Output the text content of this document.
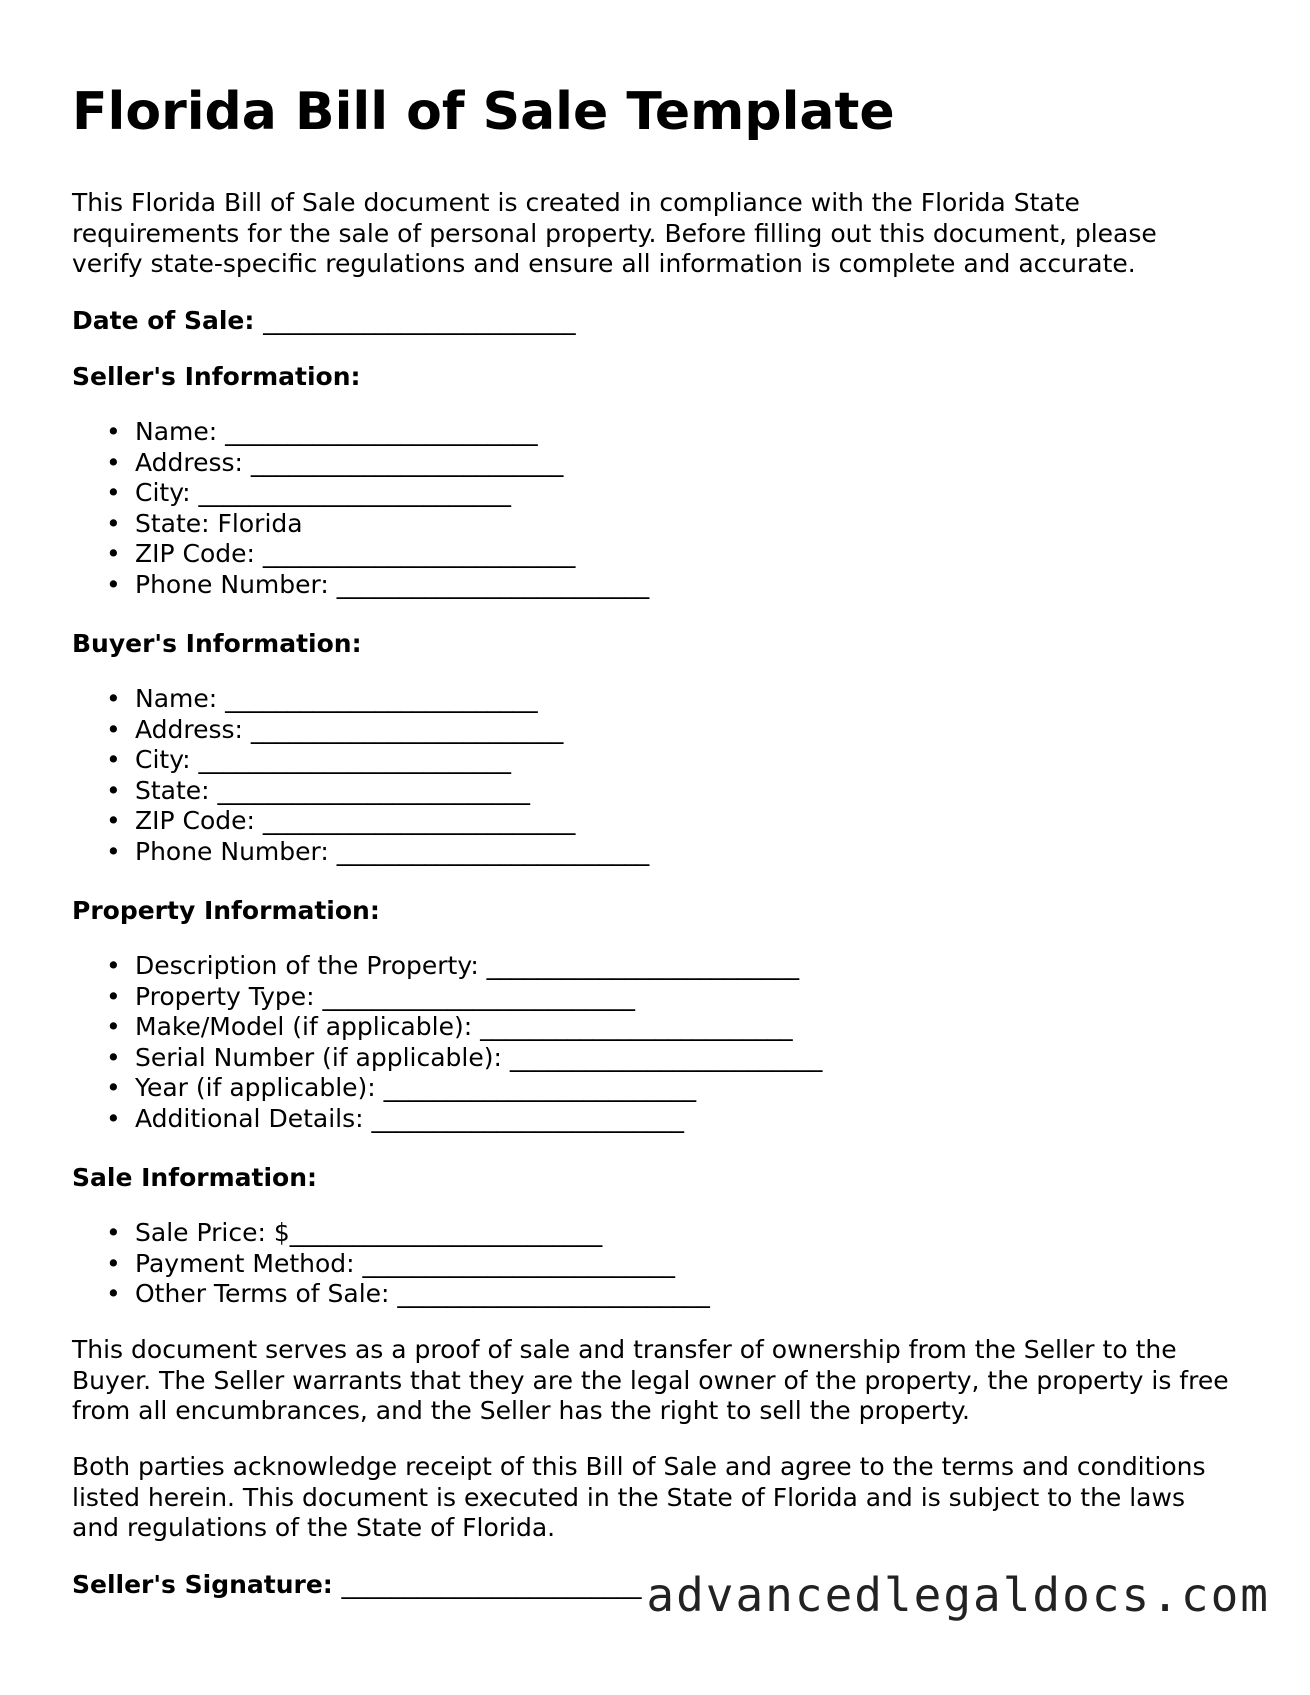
Florida Bill of Sale Template

This Florida Bill of Sale document is created in compliance with the Florida State requirements for the sale of personal property. Before filling out this document, please verify state-specific regulations and ensure all information is complete and accurate.

Date of Sale: _________________________

Seller's Information:

• Name: _________________________
• Address: _________________________
• City: _________________________
• State: Florida
• ZIP Code: _________________________
• Phone Number: _________________________

Buyer's Information:

• Name: _________________________
• Address: _________________________
• City: _________________________
• State: _________________________
• ZIP Code: _________________________
• Phone Number: _________________________

Property Information:

• Description of the Property: _________________________
• Property Type: _________________________
• Make/Model (if applicable): _________________________
• Serial Number (if applicable): _________________________
• Year (if applicable): _________________________
• Additional Details: _________________________

Sale Information:

• Sale Price: $_________________________
• Payment Method: _________________________
• Other Terms of Sale: _________________________

This document serves as a proof of sale and transfer of ownership from the Seller to the Buyer. The Seller warrants that they are the legal owner of the property, the property is free from all encumbrances, and the Seller has the right to sell the property.

Both parties acknowledge receipt of this Bill of Sale and agree to the terms and conditions listed herein. This document is executed in the State of Florida and is subject to the laws and regulations of the State of Florida.

Seller's Signature: ________________________ advancedlegaldocs.com
